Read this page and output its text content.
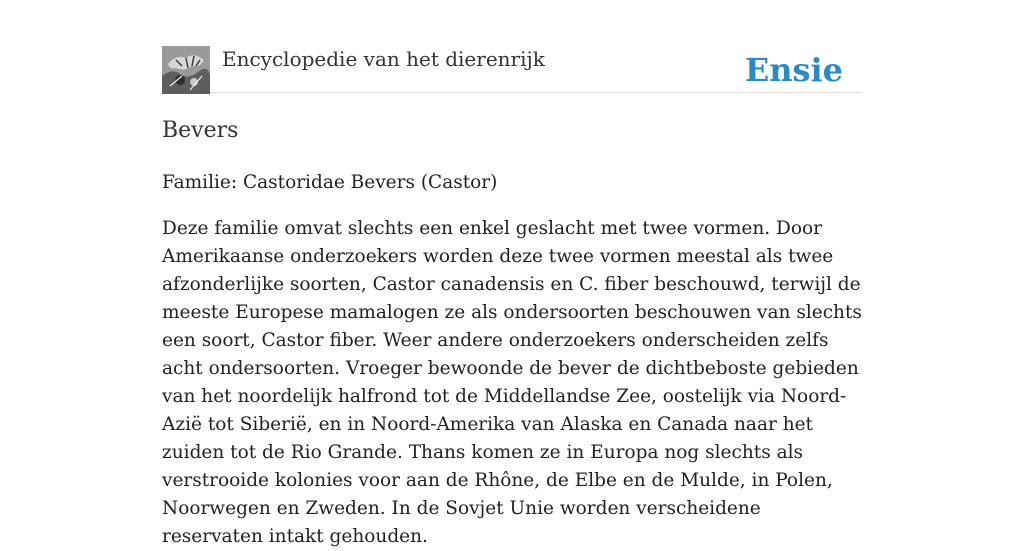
Encyclopedie van het dierenrijk	Ensie
Bevers

Familie: Castoridae Bevers (Castor)

Deze familie omvat slechts een enkel geslacht met twee vormen. Door Amerikaanse onderzoekers worden deze twee vormen meestal als twee afzonderlijke soorten, Castor canadensis en C. fiber beschouwd, terwijl de meeste Europese mamalogen ze als ondersoorten beschouwen van slechts een soort, Castor fiber. Weer andere onderzoekers onderscheiden zelfs acht ondersoorten. Vroeger bewoonde de bever de dichtbeboste gebieden van het noordelijk halfrond tot de Middellandse Zee, oostelijk via Noord-Azië tot Siberië, en in Noord-Amerika van Alaska en Canada naar het zuiden tot de Rio Grande. Thans komen ze in Europa nog slechts als verstrooide kolonies voor aan de Rhône, de Elbe en de Mulde, in Polen, Noorwegen en Zweden. In de Sovjet Unie worden verscheidene reservaten intakt gehouden.
